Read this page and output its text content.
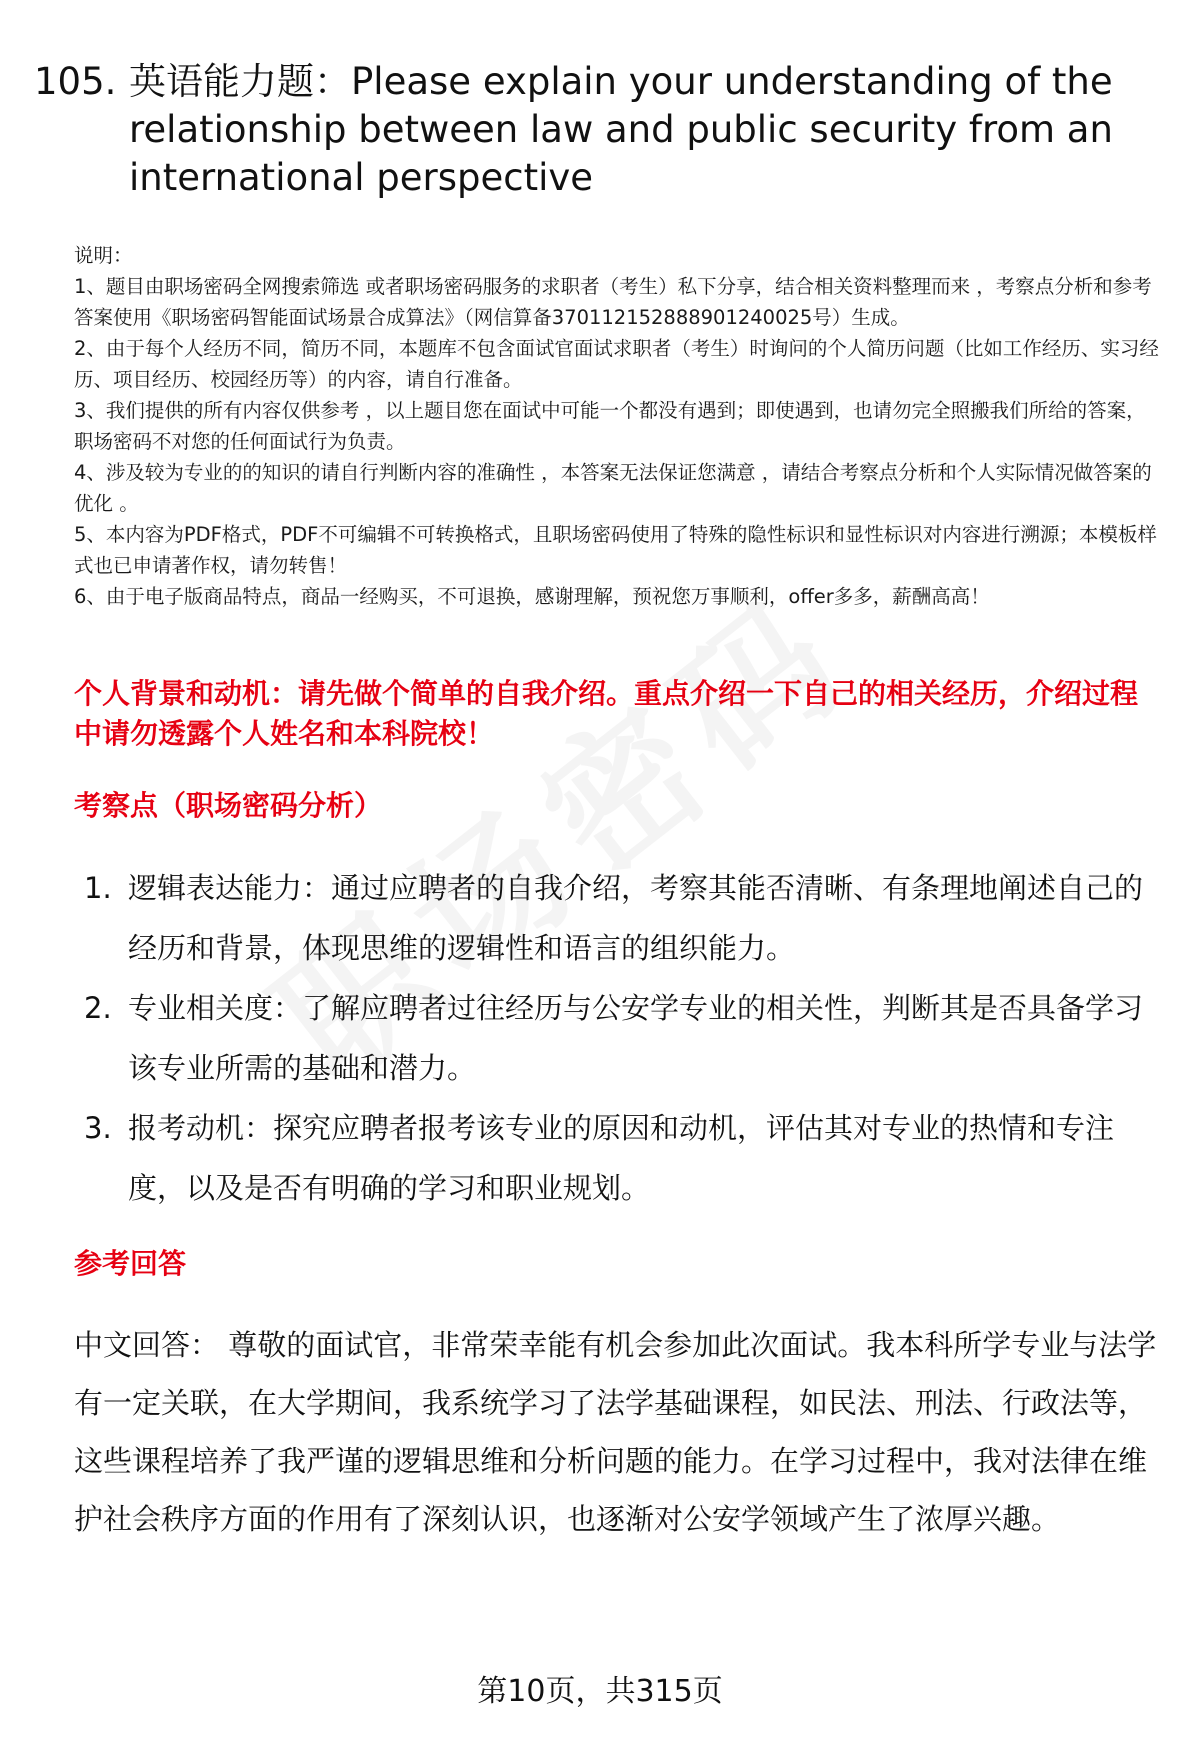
105. 英语能力题：Please explain your understanding of the relationship between law and public security from an international perspective

说明：

1、题目由职场密码全网搜索筛选 或者职场密码服务的求职者（考生）私下分享，结合相关资料整理而来 ，考察点分析和参考答案使用《职场密码智能面试场景合成算法》（网信算备370112152888901240025号）生成。

2、由于每个人经历不同，简历不同，本题库不包含面试官面试求职者（考生）时询问的个人简历问题（比如工作经历、实习经历、项目经历、校园经历等）的内容，请自行准备。

3、我们提供的所有内容仅供参考 ，以上题目您在面试中可能一个都没有遇到；即使遇到，也请勿完全照搬我们所给的答案，职场密码不对您的任何面试行为负责。

4、涉及较为专业的的知识的请自行判断内容的准确性 ，本答案无法保证您满意 ，请结合考察点分析和个人实际情况做答案的优化 。

5、本内容为PDF格式，PDF不可编辑不可转换格式，且职场密码使用了特殊的隐性标识和显性标识对内容进行溯源；本模板样式也已申请著作权，请勿转售！

6、由于电子版商品特点，商品一经购买，不可退换，感谢理解，预祝您万事顺利，offer多多，薪酬高高！

个人背景和动机：请先做个简单的自我介绍。重点介绍一下自己的相关经历，介绍过程中请勿透露个人姓名和本科院校！
考察点（职场密码分析）
1. 逻辑表达能力：通过应聘者的自我介绍，考察其能否清晰、有条理地阐述自己的经历和背景，体现思维的逻辑性和语言的组织能力。
2. 专业相关度：了解应聘者过往经历与公安学专业的相关性，判断其是否具备学习该专业所需的基础和潜力。
3. 报考动机：探究应聘者报考该专业的原因和动机，评估其对专业的热情和专注度，以及是否有明确的学习和职业规划。
参考回答

中文回答： 尊敬的面试官，非常荣幸能有机会参加此次面试。我本科所学专业与法学有一定关联，在大学期间，我系统学习了法学基础课程，如民法、刑法、行政法等，这些课程培养了我严谨的逻辑思维和分析问题的能力。在学习过程中，我对法律在维护社会秩序方面的作用有了深刻认识，也逐渐对公安学领域产生了浓厚兴趣。

第10页，共315页
